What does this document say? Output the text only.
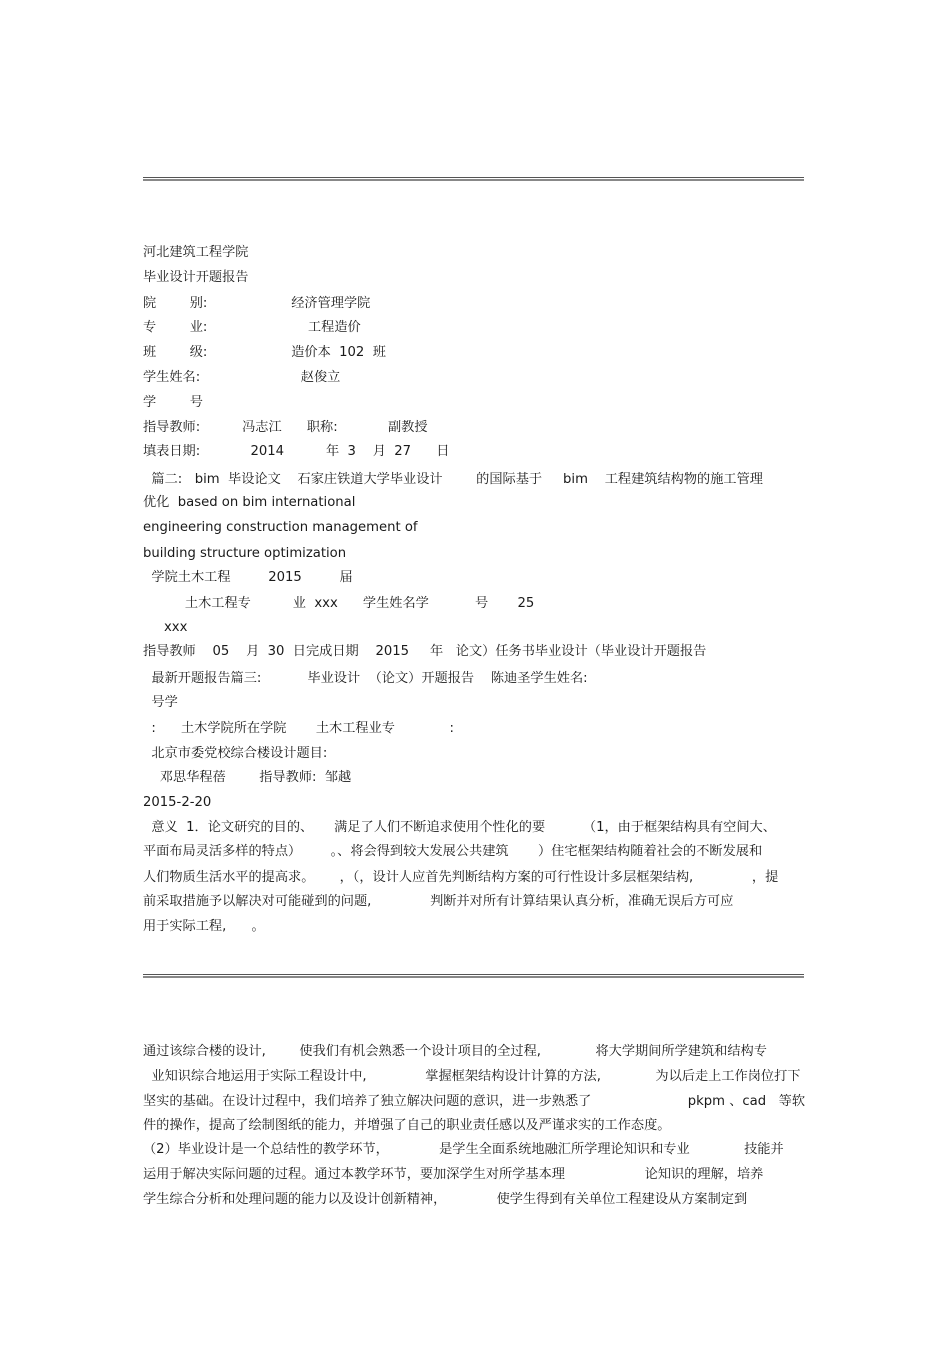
河北建筑工程学院

毕业设计开题报告

院        别:                    经济管理学院

专        业:                        工程造价

班        级:                    造价本  102  班

学生姓名:                        赵俊立

学        号

指导教师:          冯志江      职称:            副教授

填表日期:            2014          年  3    月  27      日

篇二:   bim  毕设论文    石家庄铁道大学毕业设计        的国际基于     bim    工程建筑结构物的施工管理

优化  based on bim international

engineering construction management of

building structure optimization

学院土木工程         2015         届

土木工程专          业  xxx      学生姓名学           号       25

xxx

指导教师    05    月  30  日完成日期    2015     年   论文）任务书毕业设计（毕业设计开题报告

最新开题报告篇三:           毕业设计  （论文）开题报告    陈迪圣学生姓名:

号学

:      土木学院所在学院       土木工程业专             :

北京市委党校综合楼设计题目:

邓思华程蓓        指导教师:  邹越

2015-2-20

意义  1．论文研究的目的、     满足了人们不断追求使用个性化的要         （1，由于框架结构具有空间大、

平面布局灵活多样的特点）       。、将会得到较大发展公共建筑       ）住宅框架结构随着社会的不断发展和

人们物质生活水平的提高求。      ，（，设计人应首先判断结构方案的可行性设计多层框架结构,              ，提

前采取措施予以解决对可能碰到的问题,              判断并对所有计算结果认真分析，准确无误后方可应

用于实际工程,      。

通过该综合楼的设计,        使我们有机会熟悉一个设计项目的全过程,             将大学期间所学建筑和结构专

业知识综合地运用于实际工程设计中,              掌握框架结构设计计算的方法,             为以后走上工作岗位打下

坚实的基础。在设计过程中，我们培养了独立解决问题的意识，进一步熟悉了                       pkpm 、cad   等软

件的操作，提高了绘制图纸的能力，并增强了自己的职业责任感以及严谨求实的工作态度。

（2）毕业设计是一个总结性的教学环节，            是学生全面系统地融汇所学理论知识和专业             技能并

运用于解决实际问题的过程。通过本教学环节，要加深学生对所学基本理                   论知识的理解，培养

学生综合分析和处理问题的能力以及设计创新精神，            使学生得到有关单位工程建设从方案制定到
